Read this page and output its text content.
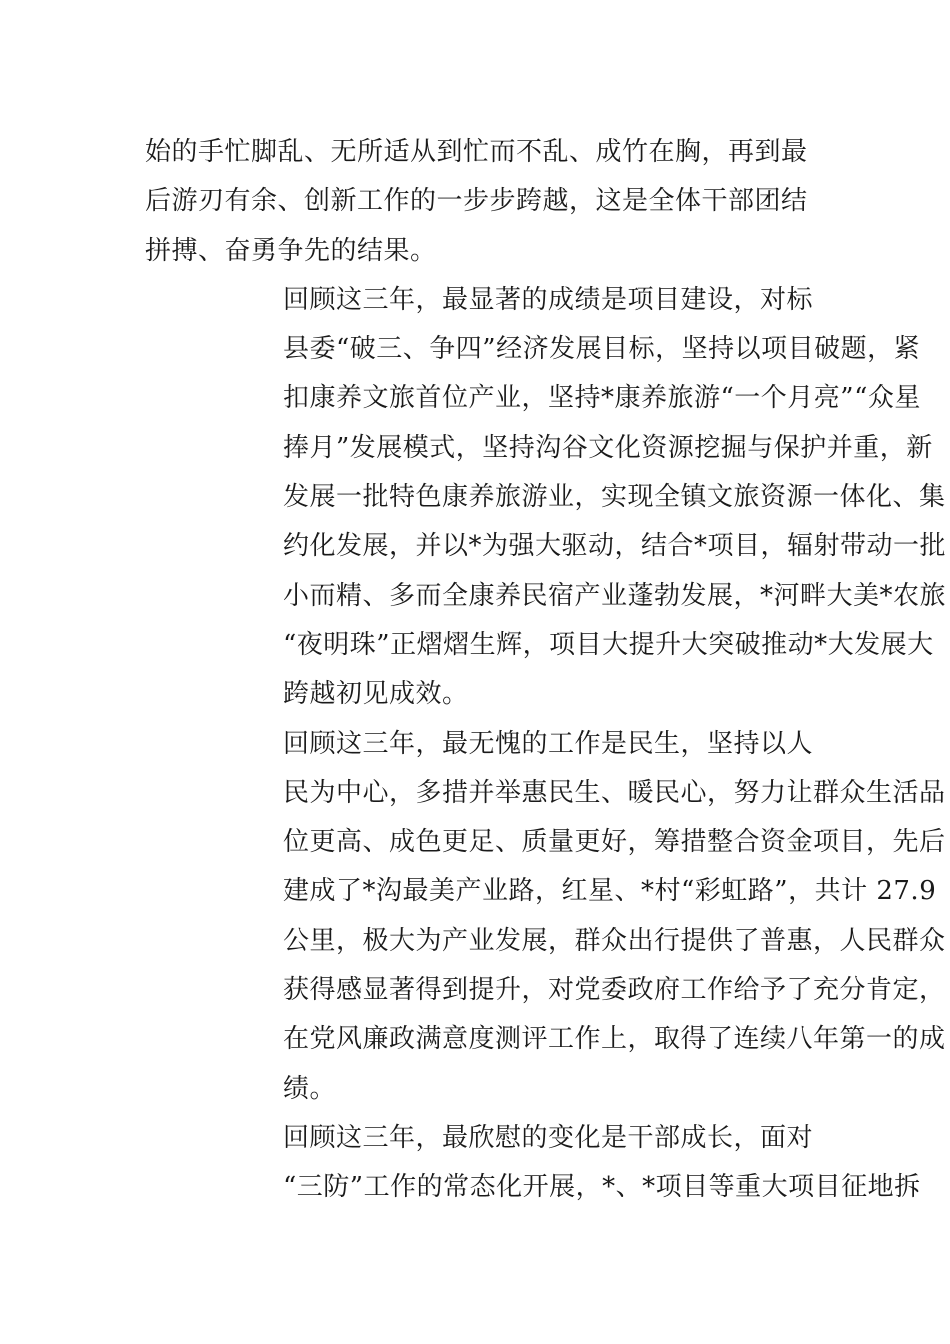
始的手忙脚乱、无所适从到忙而不乱、成竹在胸，再到最
后游刃有余、创新工作的一步步跨越，这是全体干部团结
拼搏、奋勇争先的结果。

回顾这三年，最显著的成绩是项目建设，对标
县委“破三、争四”经济发展目标，坚持以项目破题，紧
扣康养文旅首位产业，坚持*康养旅游“一个月亮”“众星
捧月”发展模式，坚持沟谷文化资源挖掘与保护并重，新
发展一批特色康养旅游业，实现全镇文旅资源一体化、集
约化发展，并以*为强大驱动，结合*项目，辐射带动一批
小而精、多而全康养民宿产业蓬勃发展，*河畔大美*农旅
“夜明珠”正熠熠生辉，项目大提升大突破推动*大发展大
跨越初见成效。

回顾这三年，最无愧的工作是民生，坚持以人
民为中心，多措并举惠民生、暖民心，努力让群众生活品
位更高、成色更足、质量更好，筹措整合资金项目，先后
建成了*沟最美产业路，红星、*村“彩虹路”，共计 27.9
公里，极大为产业发展，群众出行提供了普惠，人民群众
获得感显著得到提升，对党委政府工作给予了充分肯定，
在党风廉政满意度测评工作上，取得了连续八年第一的成
绩。

回顾这三年，最欣慰的变化是干部成长，面对
“三防”工作的常态化开展，*、*项目等重大项目征地拆
